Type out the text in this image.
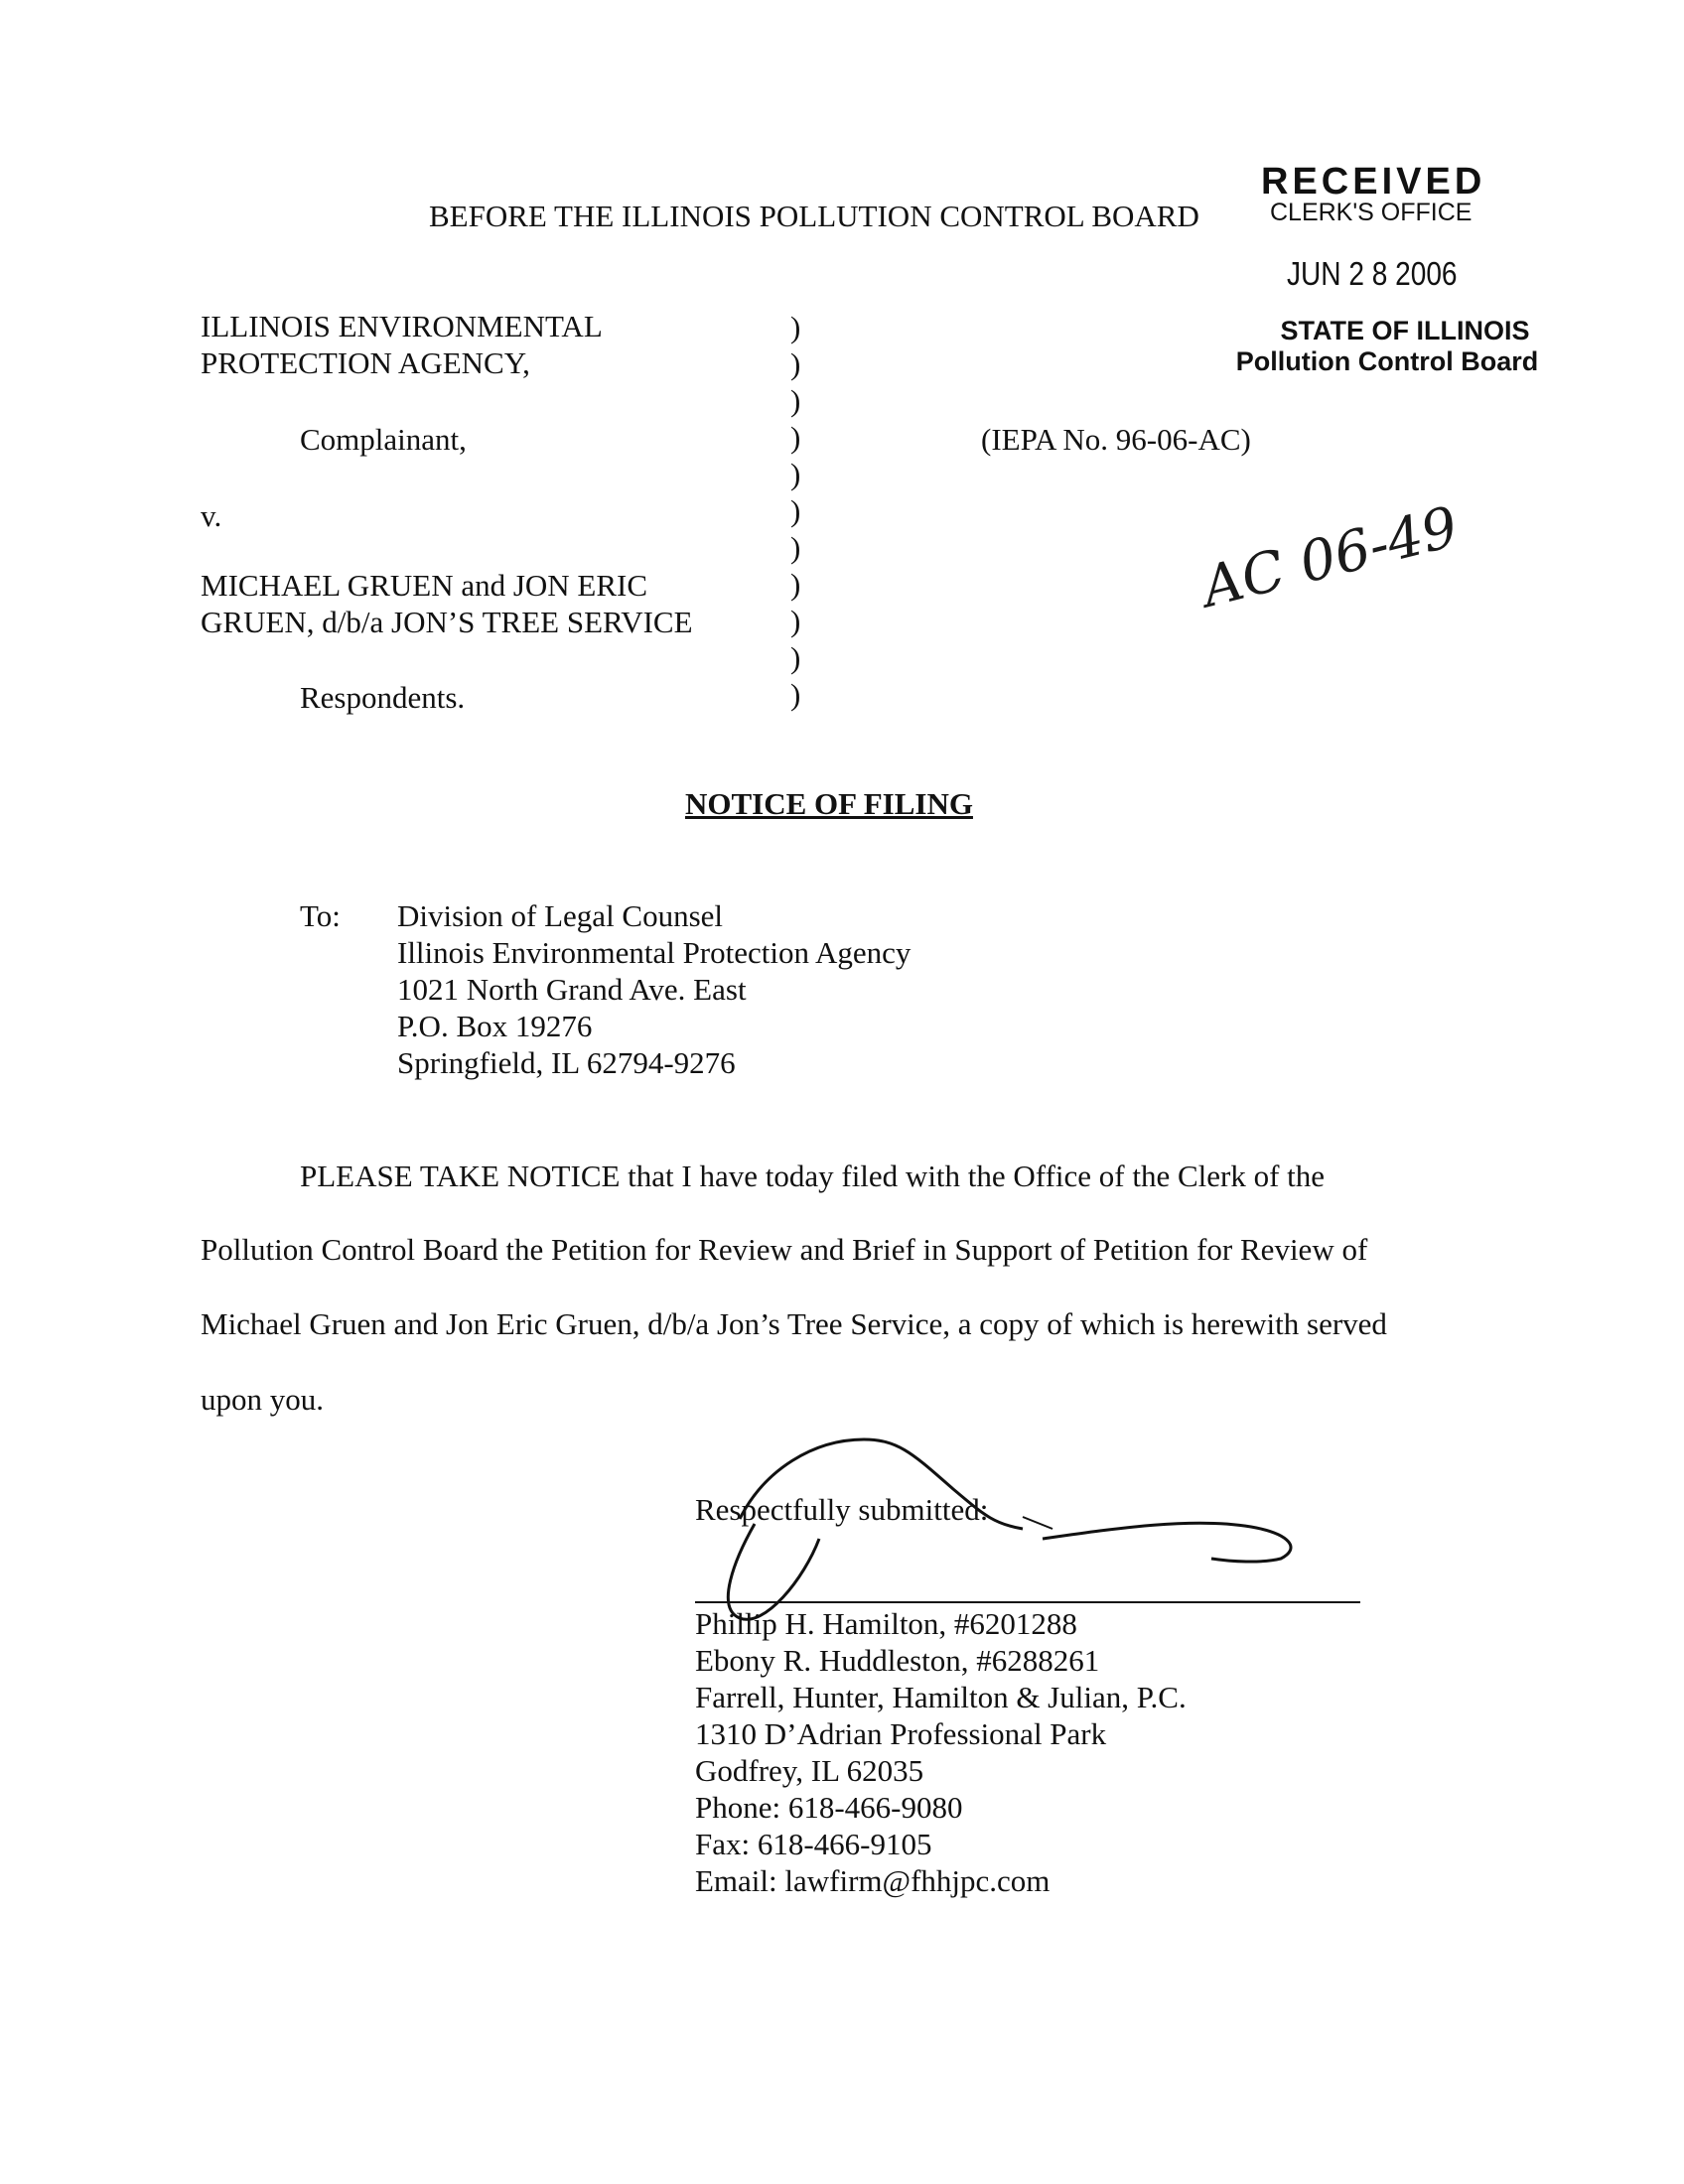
RECEIVED
CLERK'S OFFICE
JUN 2 8 2006
STATE OF ILLINOIS
Pollution Control Board
BEFORE THE ILLINOIS POLLUTION CONTROL BOARD
ILLINOIS ENVIRONMENTAL
PROTECTION AGENCY,
Complainant,
v.
MICHAEL GRUEN and JON ERIC
GRUEN, d/b/a JON’S TREE SERVICE
Respondents.
)
)
)
)
)
)
)
)
)
)
)
(IEPA No. 96-06-AC)
AC 06-49
NOTICE OF FILING
To: Division of Legal Counsel
Illinois Environmental Protection Agency
1021 North Grand Ave. East
P.O. Box 19276
Springfield, IL 62794-9276
PLEASE TAKE NOTICE that I have today filed with the Office of the Clerk of the
Pollution Control Board the Petition for Review and Brief in Support of Petition for Review of
Michael Gruen and Jon Eric Gruen, d/b/a Jon’s Tree Service, a copy of which is herewith served
upon you.
Respectfully submitted:
Phillip H. Hamilton, #6201288
Ebony R. Huddleston, #6288261
Farrell, Hunter, Hamilton & Julian, P.C.
1310 D’Adrian Professional Park
Godfrey, IL 62035
Phone: 618-466-9080
Fax: 618-466-9105
Email: lawfirm@fhhjpc.com
